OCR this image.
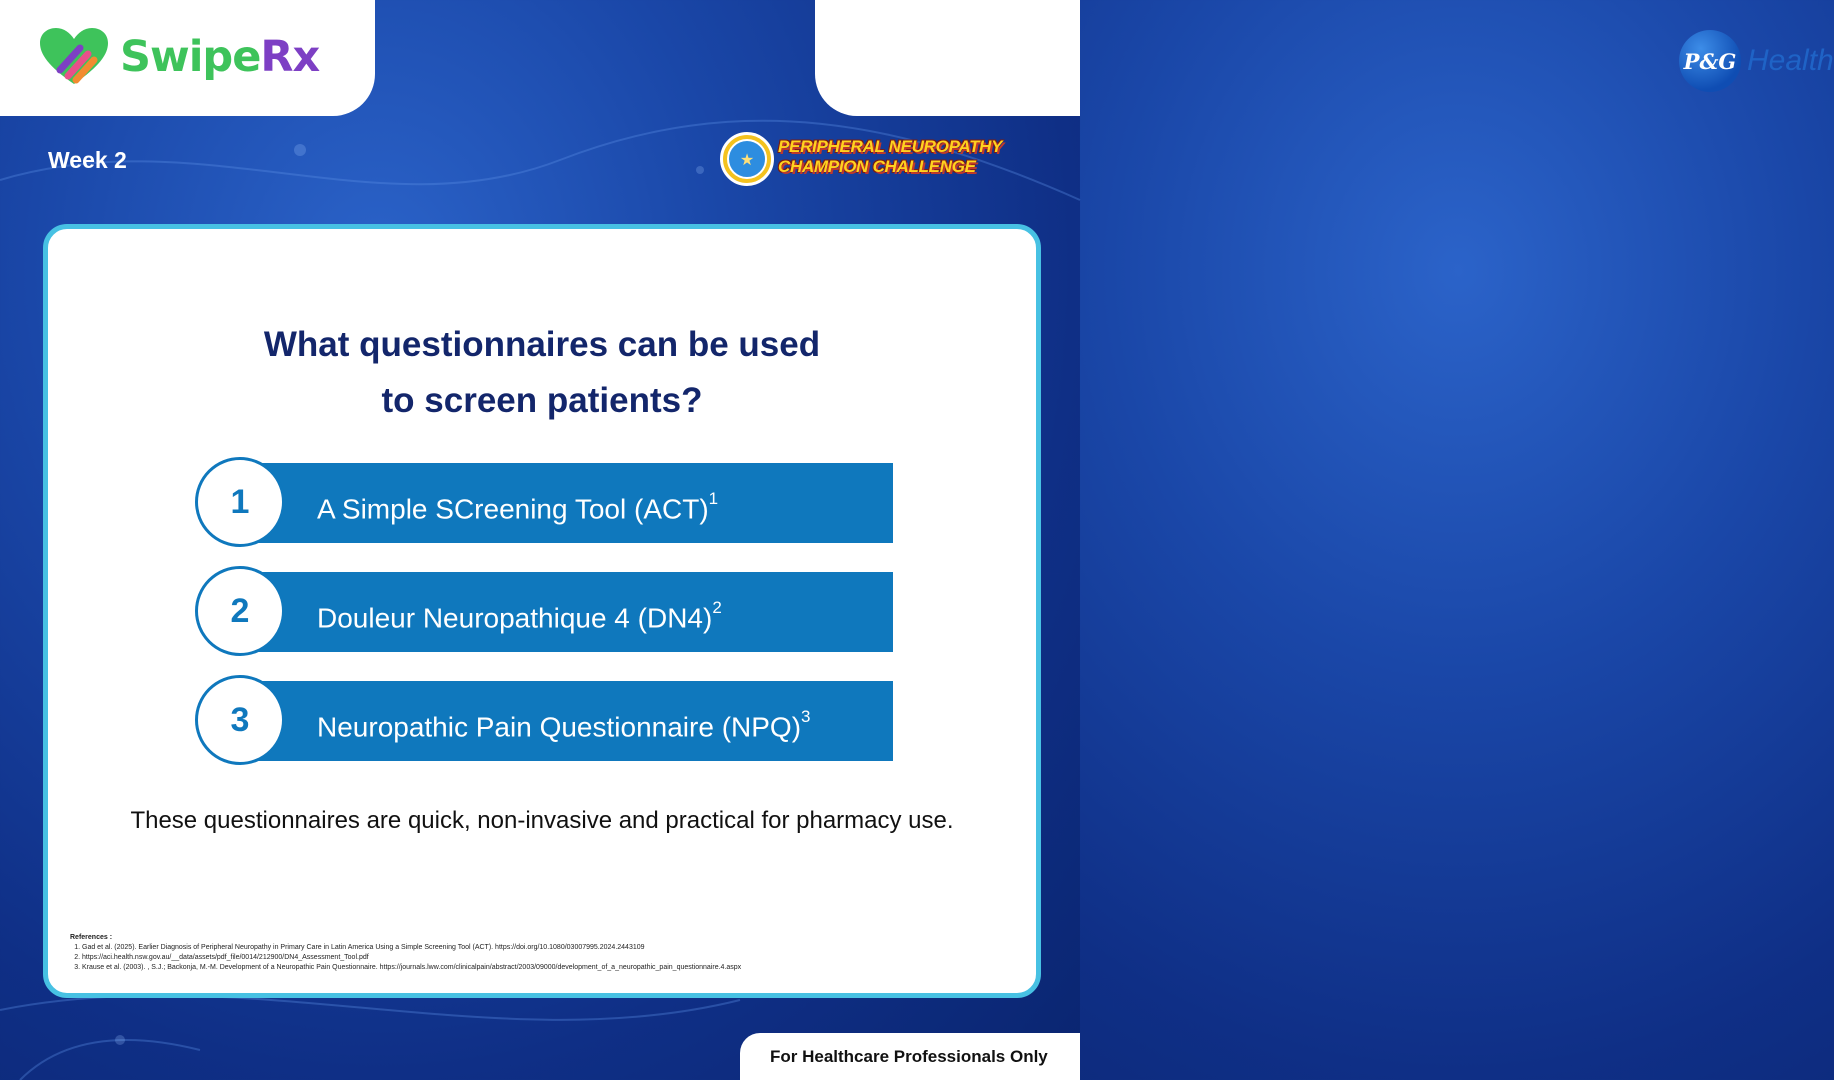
SwipeRx	P&G Health
Week 2	★
PERIPHERAL NEUROPATHY
CHAMPION CHALLENGE
What questionnaires can be used
to screen patients?
1	A Simple SCreening Tool (ACT)$^1$
2	Douleur Neuropathique 4 $(DN4)^2$
3	Neuropathic Pain Questionnaire (NPQ)$^3$
These questionnaires are quick, non-invasive and practical for pharmacy use.
References :
1. Gad et al. (2025). Earlier Diagnosis of Peripheral Neuropathy in Primary Care in Latin America Using a Simple Screening Tool (ACT). https://doi.org/10.1080/03007995.2024.2443109
2. https://aci.health.nsw.gov.au/__data/assets/pdf_file/0014/212900/DN4_Assessment_Tool.pdf
3. Krause et al. (2003). , S.J.; Backonja, M.-M. Development of a Neuropathic Pain Questionnaire. https://journals.lww.com/clinicalpain/abstract/2003/09000/development_of_a_neuropathic_pain_questionnaire.4.aspx
For Healthcare Professionals Only
